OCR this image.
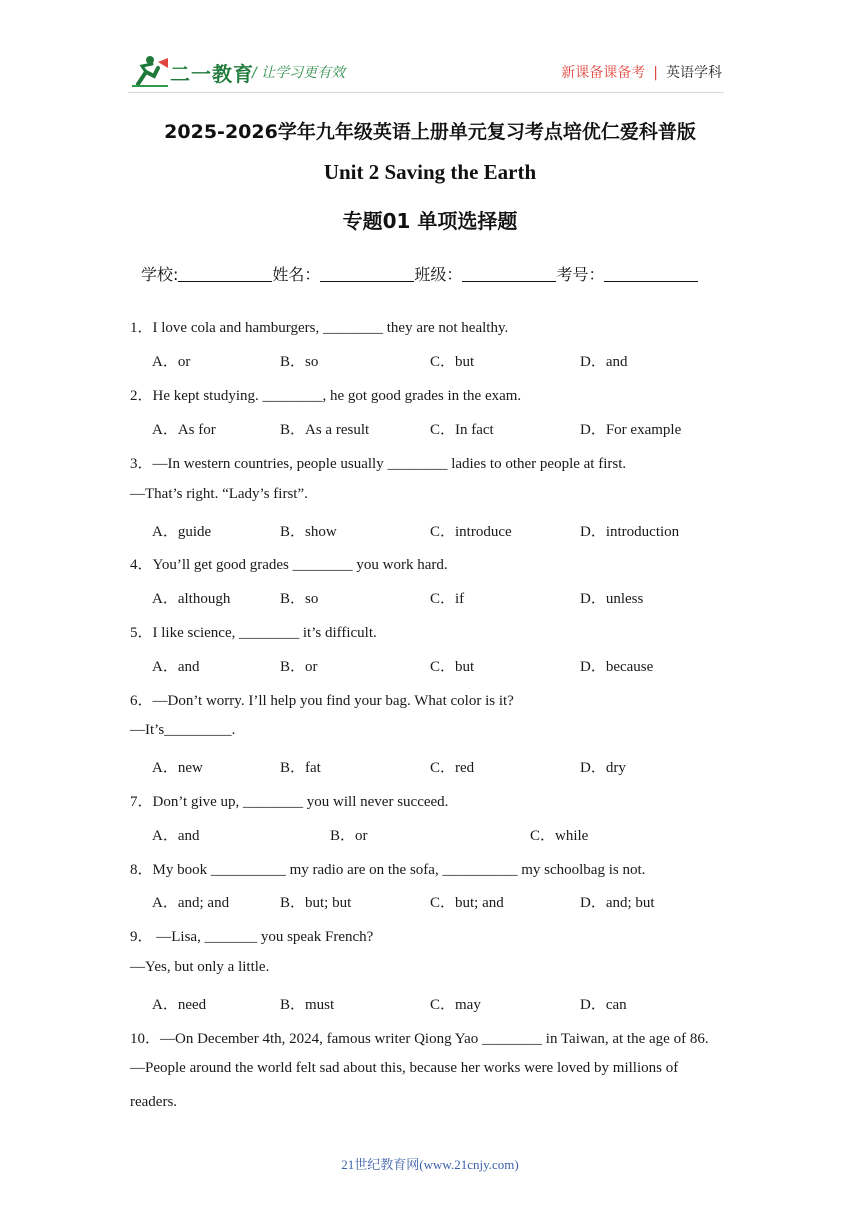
二一教育
/ 让学习更有效	新课备课备考 | 英语学科
2025-2026学年九年级英语上册单元复习考点培优仁爱科普版
Unit 2 Saving the Earth
专题01 单项选择题
学校:	姓名：	班级：	考号：
1．I love cola and hamburgers, ________ they are not healthy.
A．or	B．so	C．but	D．and
2．He kept studying. ________, he got good grades in the exam.
A．As for	B．As a result	C．In fact	D．For example
3．—In western countries, people usually ________ ladies to other people at first.
—That’s right. “Lady’s first”.
A．guide	B．show	C．introduce	D．introduction
4．You’ll get good grades ________ you work hard.
A．although	B．so	C．if	D．unless
5．I like science, ________ it’s difficult.
A．and	B．or	C．but	D．because
6．—Don’t worry. I’ll help you find your bag. What color is it?
—It’s_________.
A．new	B．fat	C．red	D．dry
7．Don’t give up, ________ you will never succeed.
A．and	B．or	C．while
8．My book __________ my radio are on the sofa, __________ my schoolbag is not.
A．and; and	B．but; but	C．but; and	D．and; but
9． —Lisa, _______ you speak French?
—Yes, but only a little.
A．need	B．must	C．may	D．can
10．—On December 4th, 2024, famous writer Qiong Yao ________ in Taiwan, at the age of 86.
—People around the world felt sad about this, because her works were loved by millions of
readers.
21世纪教育网(www.21cnjy.com)
